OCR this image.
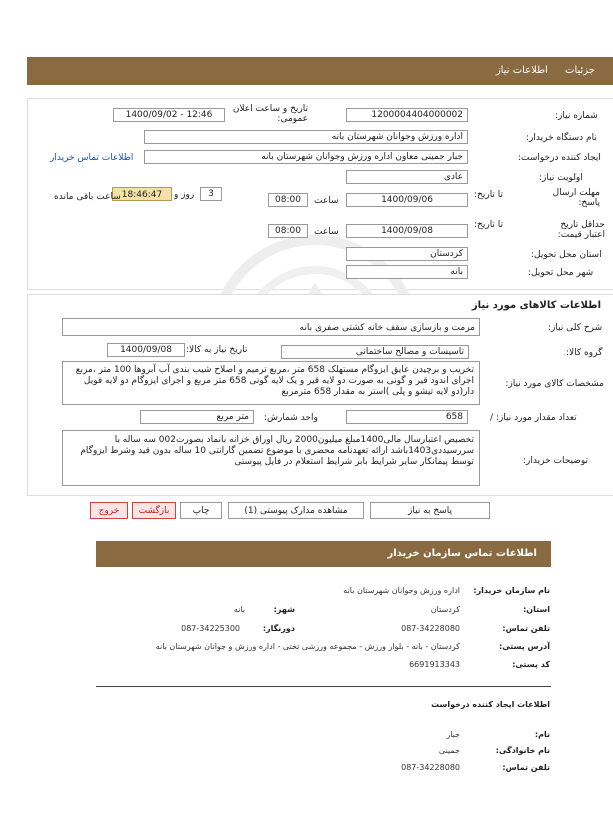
جزئیات اطلاعات نیاز
شماره نیاز:
1200004404000002
تاریخ و ساعت اعلان عمومی:
1400/09/02 - 12:46
نام دستگاه خریدار:
اداره ورزش وجوانان شهرستان بانه
ایجاد کننده درخواست:
جبار جمینی معاون اداره ورزش وجوانان شهرستان بانه
اطلاعات تماس خریدار
اولویت نیاز:
عادی
مهلت ارسال پاسخ:
تا تاریخ:
1400/09/06
ساعت
08:00
3
روز و
18:46:47
ساعت باقی مانده
حداقل تاریخ اعتبار قیمت:
تا تاریخ:
1400/09/08
ساعت
08:00
استان محل تحویل:
کردستان
شهر محل تحویل:
بانه
اطلاعات کالاهای مورد نیاز
شرح کلی نیاز:
مرمت و بازسازی سقف خانه کشتی صفری بانه
گروه کالا:
تاسیسات و مصالح ساختمانی
تاریخ نیاز به کالا:
1400/09/08
مشخصات کالای مورد نیاز:
تخریب و برچیدن عایق ایزوگام مستهلک 658 متر ،مربع ترمیم و اصلاح شیب بندی آب آبروها 100 متر ،مربع اجرای اندود قیر و گونی به صورت دو لایه قیر و یک لایه گونی 658 متر مربع و اجرای ایزوگام دو لایه فویل دار(دو لایه تیشو و پلی )استر به مقدار 658 مترمربع
تعداد مقدار مورد نیاز: /
658
واحد شمارش:
متر مربع
توضیحات خریدار:
تخصیص اعتبارسال مالی1400مبلغ میلیون2000 ریال اوراق خزانه بانماد بصورت002 سه ساله با سررسیددی1403باشد ارائه تعهدنامه محضری با موضوع تضمین گارانتی 10 ساله بدون قید وشرط ایزوگام توسط پیمانکار سایر شرایط بابر شرایط استعلام در فایل پیوستی
پاسخ به نیاز
مشاهده مدارک پیوستی (1)
چاپ
بازگشت
خروج
اطلاعات تماس سازمان خریدار
نام سازمان خریدار:
اداره ورزش وجوانان شهرستان بانه
استان:
کردستان
شهر:
بانه
تلفن تماس:
087-34228080
دورنگار:
087-34225300
آدرس پستی:
کردستان - بانه - بلوار ورزش - مجموعه ورزشی تختی - اداره ورزش و جوانان شهرستان بانه
کد پستی:
6691913343
اطلاعات ایجاد کننده درخواست
نام:
جبار
نام خانوادگی:
جمینی
تلفن تماس:
087-34228080
